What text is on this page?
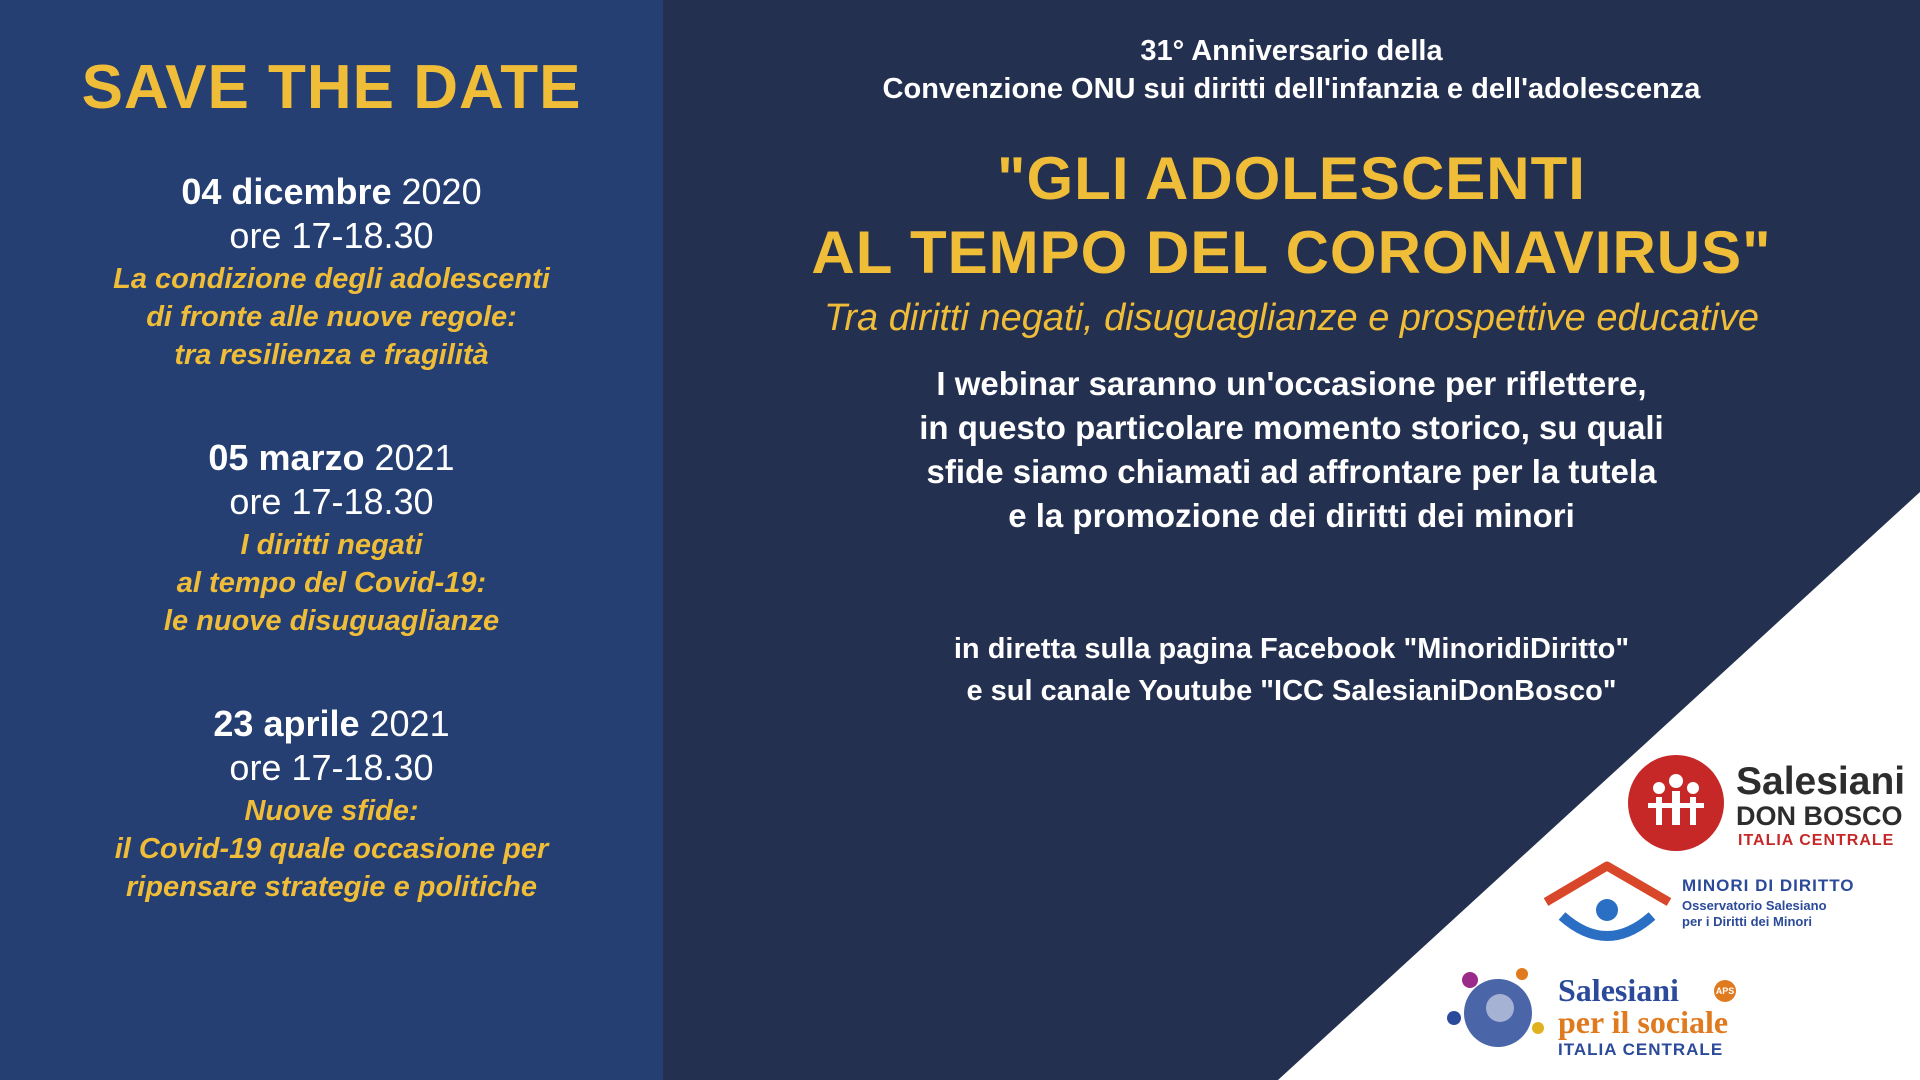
SAVE THE DATE
04 dicembre 2020
ore 17-18.30
La condizione degli adolescenti
di fronte alle nuove regole:
tra resilienza e fragilità
05 marzo 2021
ore 17-18.30
I diritti negati
al tempo del Covid-19:
le nuove disuguaglianze
23 aprile 2021
ore 17-18.30
Nuove sfide:
il Covid-19 quale occasione per
ripensare strategie e politiche
31° Anniversario della
Convenzione ONU sui diritti dell'infanzia e dell'adolescenza
"GLI ADOLESCENTI
AL TEMPO DEL CORONAVIRUS"
Tra diritti negati, disuguaglianze e prospettive educative
I webinar saranno un'occasione per riflettere,
in questo particolare momento storico, su quali
sfide siamo chiamati ad affrontare per la tutela
e la promozione dei diritti dei minori
in diretta sulla pagina Facebook "MinoridiDiritto"
e sul canale Youtube "ICC SalesianiDonBosco"
Salesiani
DON BOSCO
ITALIA CENTRALE
MINORI DI DIRITTO
Osservatorio Salesiano
per i Diritti dei Minori
Salesiani	APS
per il sociale
ITALIA CENTRALE
